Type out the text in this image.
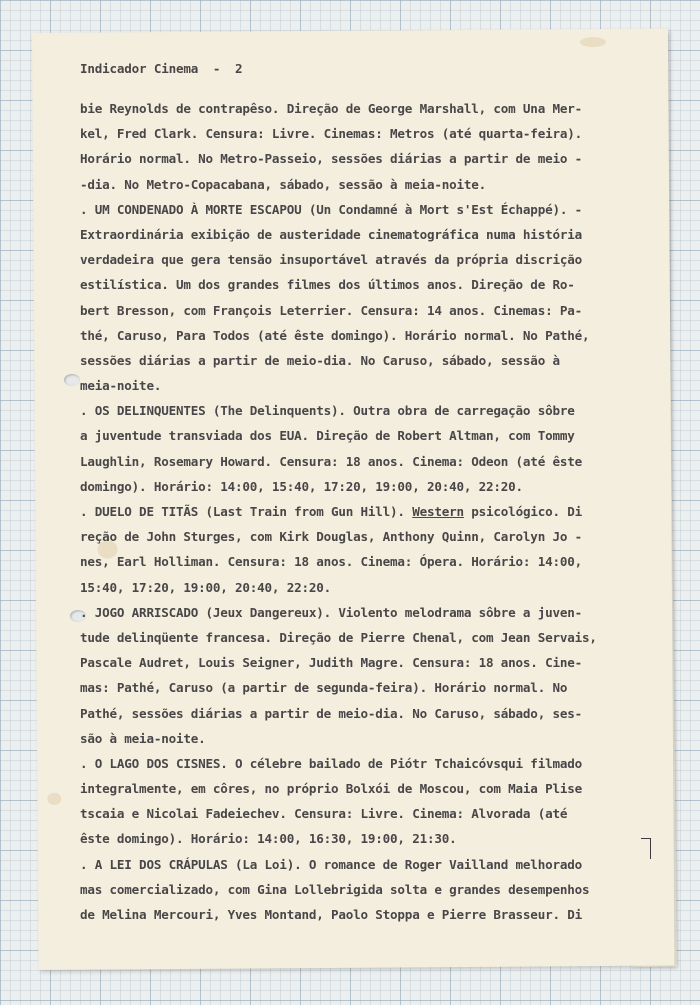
Indicador Cinema  -  2
bie Reynolds de contrapêso. Direção de George Marshall, com Una Mer-
kel, Fred Clark. Censura: Livre. Cinemas: Metros (até quarta-feira).
Horário normal. No Metro-Passeio, sessões diárias a partir de meio -
-dia. No Metro-Copacabana, sábado, sessão à meia-noite.
. UM CONDENADO À MORTE ESCAPOU (Un Condamné à Mort s'Est Échappé). -
Extraordinária exibição de austeridade cinematográfica numa história
verdadeira que gera tensão insuportável através da própria discrição
estilística. Um dos grandes filmes dos últimos anos. Direção de Ro-
bert Bresson, com François Leterrier. Censura: 14 anos. Cinemas: Pa-
thé, Caruso, Para Todos (até êste domingo). Horário normal. No Pathé,
sessões diárias a partir de meio-dia. No Caruso, sábado, sessão à
meia-noite.
. OS DELINQUENTES (The Delinquents). Outra obra de carregação sôbre
a juventude transviada dos EUA. Direção de Robert Altman, com Tommy
Laughlin, Rosemary Howard. Censura: 18 anos. Cinema: Odeon (até êste
domingo). Horário: 14:00, 15:40, 17:20, 19:00, 20:40, 22:20.
. DUELO DE TITÃS (Last Train from Gun Hill). Western psicológico. Di
reção de John Sturges, com Kirk Douglas, Anthony Quinn, Carolyn Jo -
nes, Earl Holliman. Censura: 18 anos. Cinema: Ópera. Horário: 14:00,
15:40, 17:20, 19:00, 20:40, 22:20.
. JOGO ARRISCADO (Jeux Dangereux). Violento melodrama sôbre a juven-
tude delinqüente francesa. Direção de Pierre Chenal, com Jean Servais,
Pascale Audret, Louis Seigner, Judith Magre. Censura: 18 anos. Cine-
mas: Pathé, Caruso (a partir de segunda-feira). Horário normal. No
Pathé, sessões diárias a partir de meio-dia. No Caruso, sábado, ses-
são à meia-noite.
. O LAGO DOS CISNES. O célebre bailado de Piótr Tchaicóvsqui filmado
integralmente, em côres, no próprio Bolxói de Moscou, com Maia Plise
tscaia e Nicolai Fadeiechev. Censura: Livre. Cinema: Alvorada (até
êste domingo). Horário: 14:00, 16:30, 19:00, 21:30.
. A LEI DOS CRÁPULAS (La Loi). O romance de Roger Vailland melhorado
mas comercializado, com Gina Lollebrigida solta e grandes desempenhos
de Melina Mercouri, Yves Montand, Paolo Stoppa e Pierre Brasseur. Di
